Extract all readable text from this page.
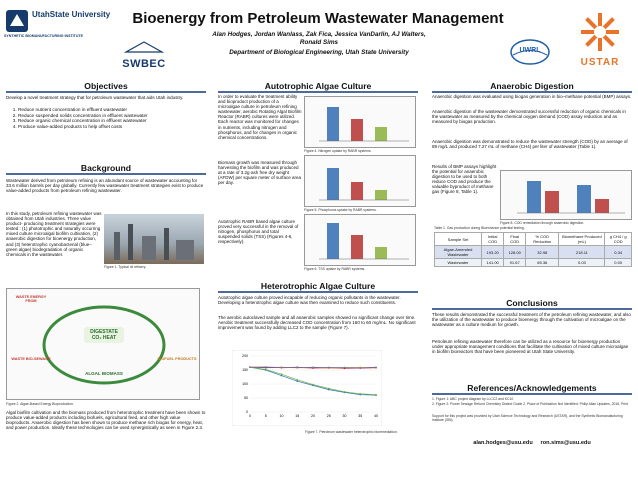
UtahState University
SYNTHETIC BIOMANUFACTURING INSTITUTE
SWBEC
Bioenergy from Petroleum Wastewater Management
Alan Hodges, Jordan Wanlass, Zak Fica, Jessica VanDarlin, AJ Walters,
Ronald Sims
Department of Biological Engineering, Utah State University	UWRL
USTAR
Objectives
Develop a novel treatment strategy that for petroleum wastewater that aids Utah industry.
1. Reduce nutrient concentration in effluent wastewater
2. Reduce suspended solids concentration in effluent wastewater
3. Reduce organic chemical concentration in effluent wastewater
4. Produce value-added products to help offset costs
Background
Wastewater derived from petroleum refining is an abundant source of wastewater accounting for 33.6 million barrels per day globally. Currently few wastewater treatment strategies exist to produce value-added products from petroleum refining wastewater.
In this study, petroleum refining wastewater was obtained from Utah industries. Three value product- producing treatment strategies were tested : (1) phototrophic and naturally occurring mixed culture microalgal biofilm cultivation, (2) anaerobic digestion for bioenergy production, and (3) heterotrophic cyanobacterial (blue– green algae) biodegradation of organic chemicals in the wastewater.
Figure 1. Typical oil refinery.
WASTE ENERGY FROM
DIGESTATE CO₂ HEAT
WASTE BIO-SEWAGE
ALGAL BIOMASS
BIOFUEL PRODUCTS
Figure 2. Algae-Based Energy Bioproduction.
Algal biofilm cultivation and the biomass produced from heterotrophic treatment have been shown to produce value-added products including biofuels, agricultural feed, and other high value bioproducts. Anaerobic digestion has been shown to produce methane rich biogas for energy, heat, and power production. Ideally these technologies can be used synergistically as seen in Figure 2.3.
Autotrophic Algae Culture
In order to evaluate the treatment ability and bioproduct production of a microalgae culture in petroleum refining wastewater, aerobic Rotating Algal Biofilm Reactor (RABR) cultures were utilized. Each reactor was monitored for changes in nutrients, including nitrogen and phosphorus, and for changes in organic chemical concentrations.
Figure 4. Nitrogen uptake by RABR systems.
Biomass growth was measured through harvesting the biofilm and was produced at a rate of 3.2g·ash free dry weight (AFDW) per square meter of surface area per day.
Figure 5. Phosphorus uptake by RABR systems.
Autotrophic RABR based algae culture proved very successful in the removal of nitrogen, phosphorus and total suspended solids (TSS) (Figures 4-6, respectively).
Figure 6. TSS uptake by RABR systems.
Heterotrophic Algae Culture
Autotrophic algae culture proved incapable of reducing organic pollutants in the wastewater. Developing a heterotrophic algae culture was then examined to reduce such constituents.
The aerobic autoclaved sample and all anaerobic samples showed no significant change over time. Aerobic treatment successfully decreased COD concentration from 160 to 60 mg/mL. No significant improvement was found by adding LLC2 to the sample (Figure 7).
0
50
100
150
200
0	5	10	15	20	25	30	35	40
Figure 7. Petroleum wastewater heterotrophic bioremediation.
Anaerobic Digestion
Anaerobic digestion was evaluated using biogas generation in bio–methane potential (BMP) assays.
Anaerobic digestion of the wastewater demonstrated successful reduction of organic chemicals in the wastewater as measured by the chemical oxygen demand (COD) assay reduction and as measured by biogas production.
Anaerobic digestion was demonstrated to reduce the wastewater strength (COD) by an average of 89 mg/L and produced 7.27 mL of methane (CH4) per liter of wastewater (Table 1).
Results of BMP assays highlight the potential for anaerobic digestion to be used to both reduce COD and produce the valuable byproduct of methane gas (Figure 8, Table 1).
Figure 8. COD remediation through anaerobic digestion.
Table 1. Gas production during Bioenhance potential testing.
Sample Set	Initial COD	Final COD	% COD Reduction	Biomethane Produced (mL)	g CH4 / g COD
Algae-Amended Wastewater	193.20	128.00	32.98	218.11	0.34
Wastewater	141.00	91.67	65.36	0.03	0.00
Conclusions
These results demonstrated the successful treatment of the petroleum refining wastewater, and also the utilization of the wastewater to produce bioenergy through the cultivation of microalgae on the wastewater as a culture medium for growth.
Petroleum refining wastewater therefore can be utilized as a resource for bioenergy production under appropriate management conditions that facilitate the cultivation of mixed culture microalgae in biofilm bioreactors that have been pioneered at Utah State University.
References/Acknowledgements
1. Figure 1: ABC project diagram by LLCC2 and KC10
2. Figure 2: Power Sewage Refund Chemistry Dialect Guide 2, Place of Publication Not Identified: Philip Allan Updates, 2016, Print
Support for this project was provided by Utah Science Technology and Research (USTAR), and the Synthetic Biomanufacturing Institute (SBI).
alan.hodges@usu.edu ron.sims@usu.edu
